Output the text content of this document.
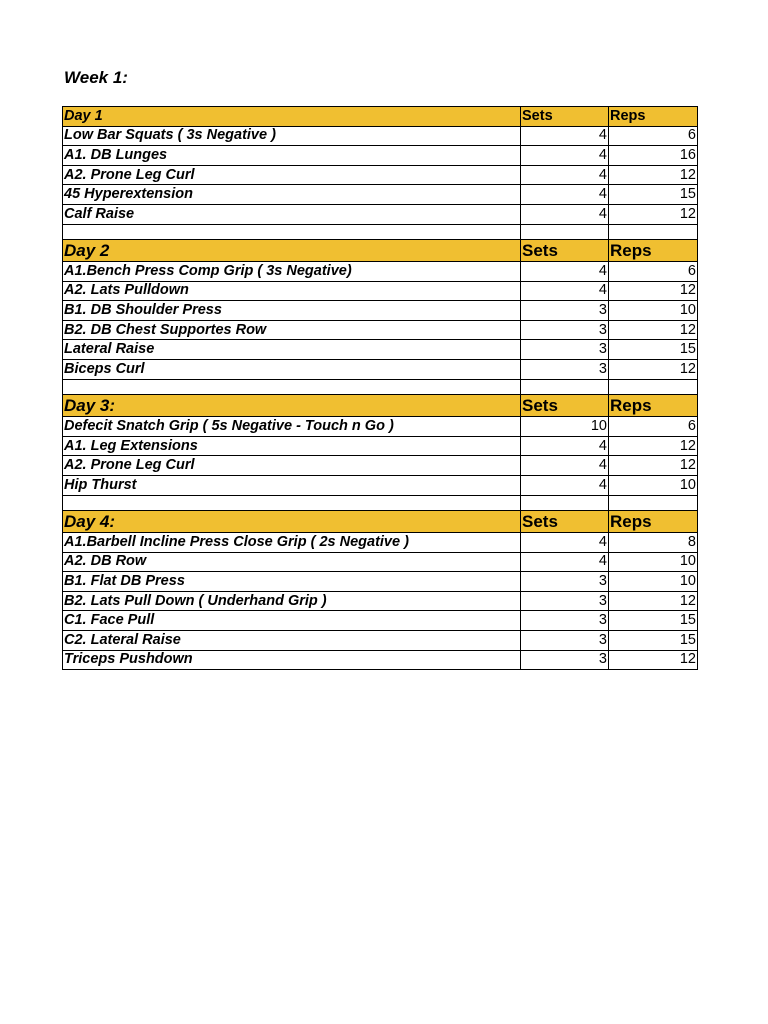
Week 1:
Day 1	Sets	Reps
Low Bar Squats ( 3s Negative )	4	6
A1. DB Lunges	4	16
A2. Prone Leg Curl	4	12
45 Hyperextension	4	15
Calf Raise	4	12

Day 2	Sets	Reps
A1.Bench Press Comp Grip ( 3s Negative)	4	6
A2. Lats Pulldown	4	12
B1. DB Shoulder Press	3	10
B2. DB Chest Supportes Row	3	12
Lateral Raise	3	15
Biceps Curl	3	12

Day 3:	Sets	Reps
Defecit Snatch Grip ( 5s Negative - Touch n Go )	10	6
A1. Leg Extensions	4	12
A2. Prone Leg Curl	4	12
Hip Thurst	4	10

Day 4:	Sets	Reps
A1.Barbell Incline Press Close Grip ( 2s Negative )	4	8
A2. DB Row	4	10
B1. Flat DB Press	3	10
B2. Lats Pull Down ( Underhand Grip )	3	12
C1. Face Pull	3	15
C2. Lateral Raise	3	15
Triceps Pushdown	3	12
